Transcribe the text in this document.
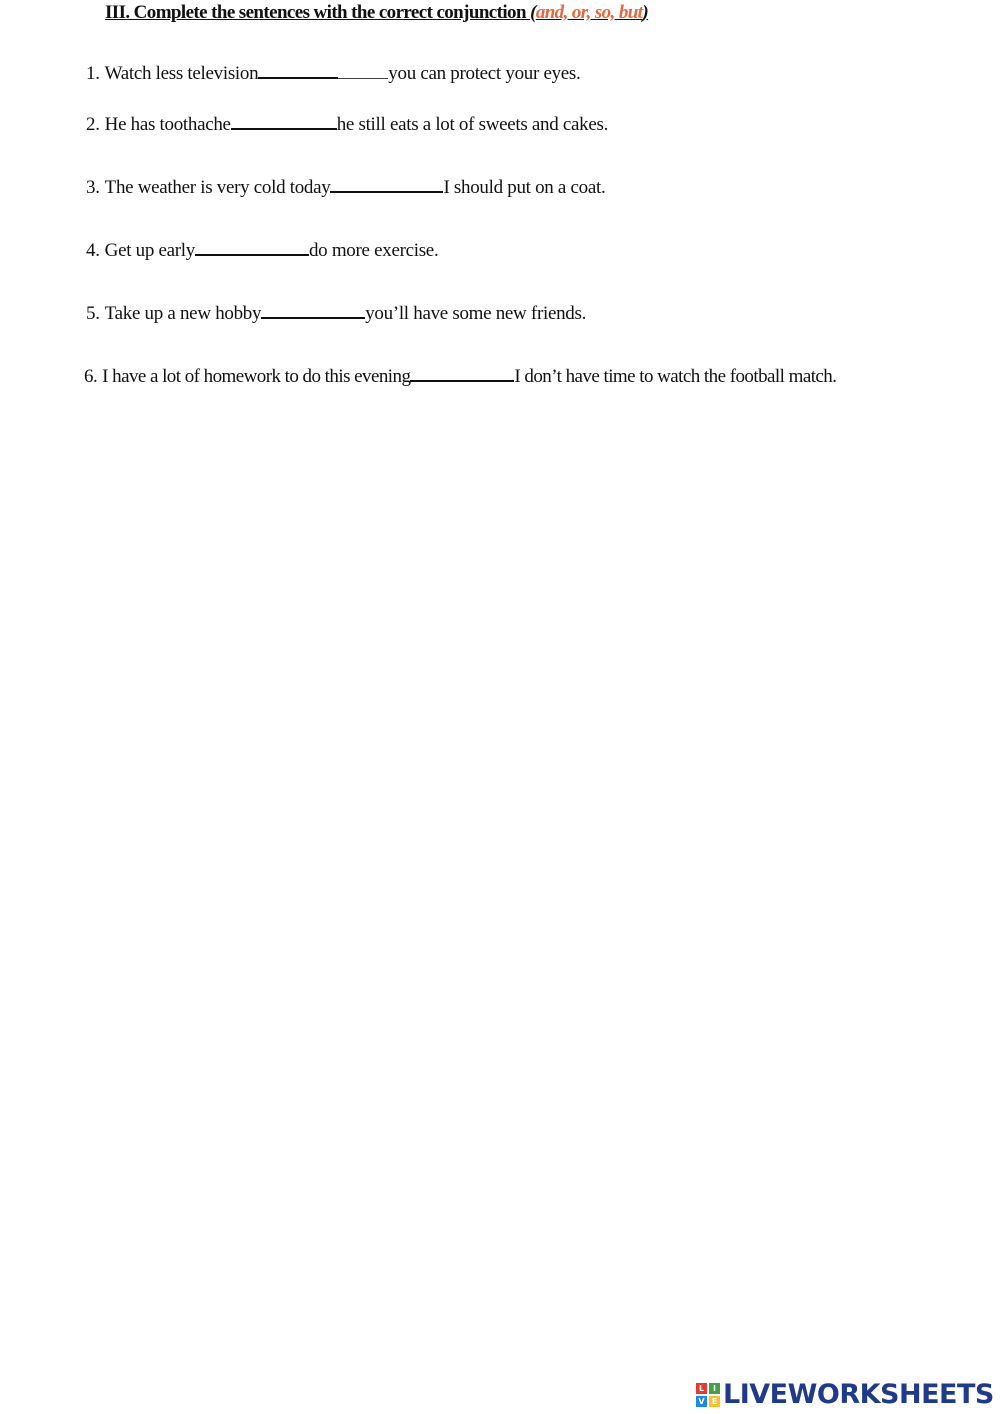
III. Complete the sentences with the correct conjunction (and, or, so, but)
1. Watch less television	you can protect your eyes.
2. He has toothache	he still eats a lot of sweets and cakes.
3. The weather is very cold today	I should put on a coat.
4. Get up early	do more exercise.
5. Take up a new hobby	you’ll have some new friends.
6. I have a lot of homework to do this evening	I don’t have time to watch the football match.
L	I
V E LIVEWORKSHEETS
